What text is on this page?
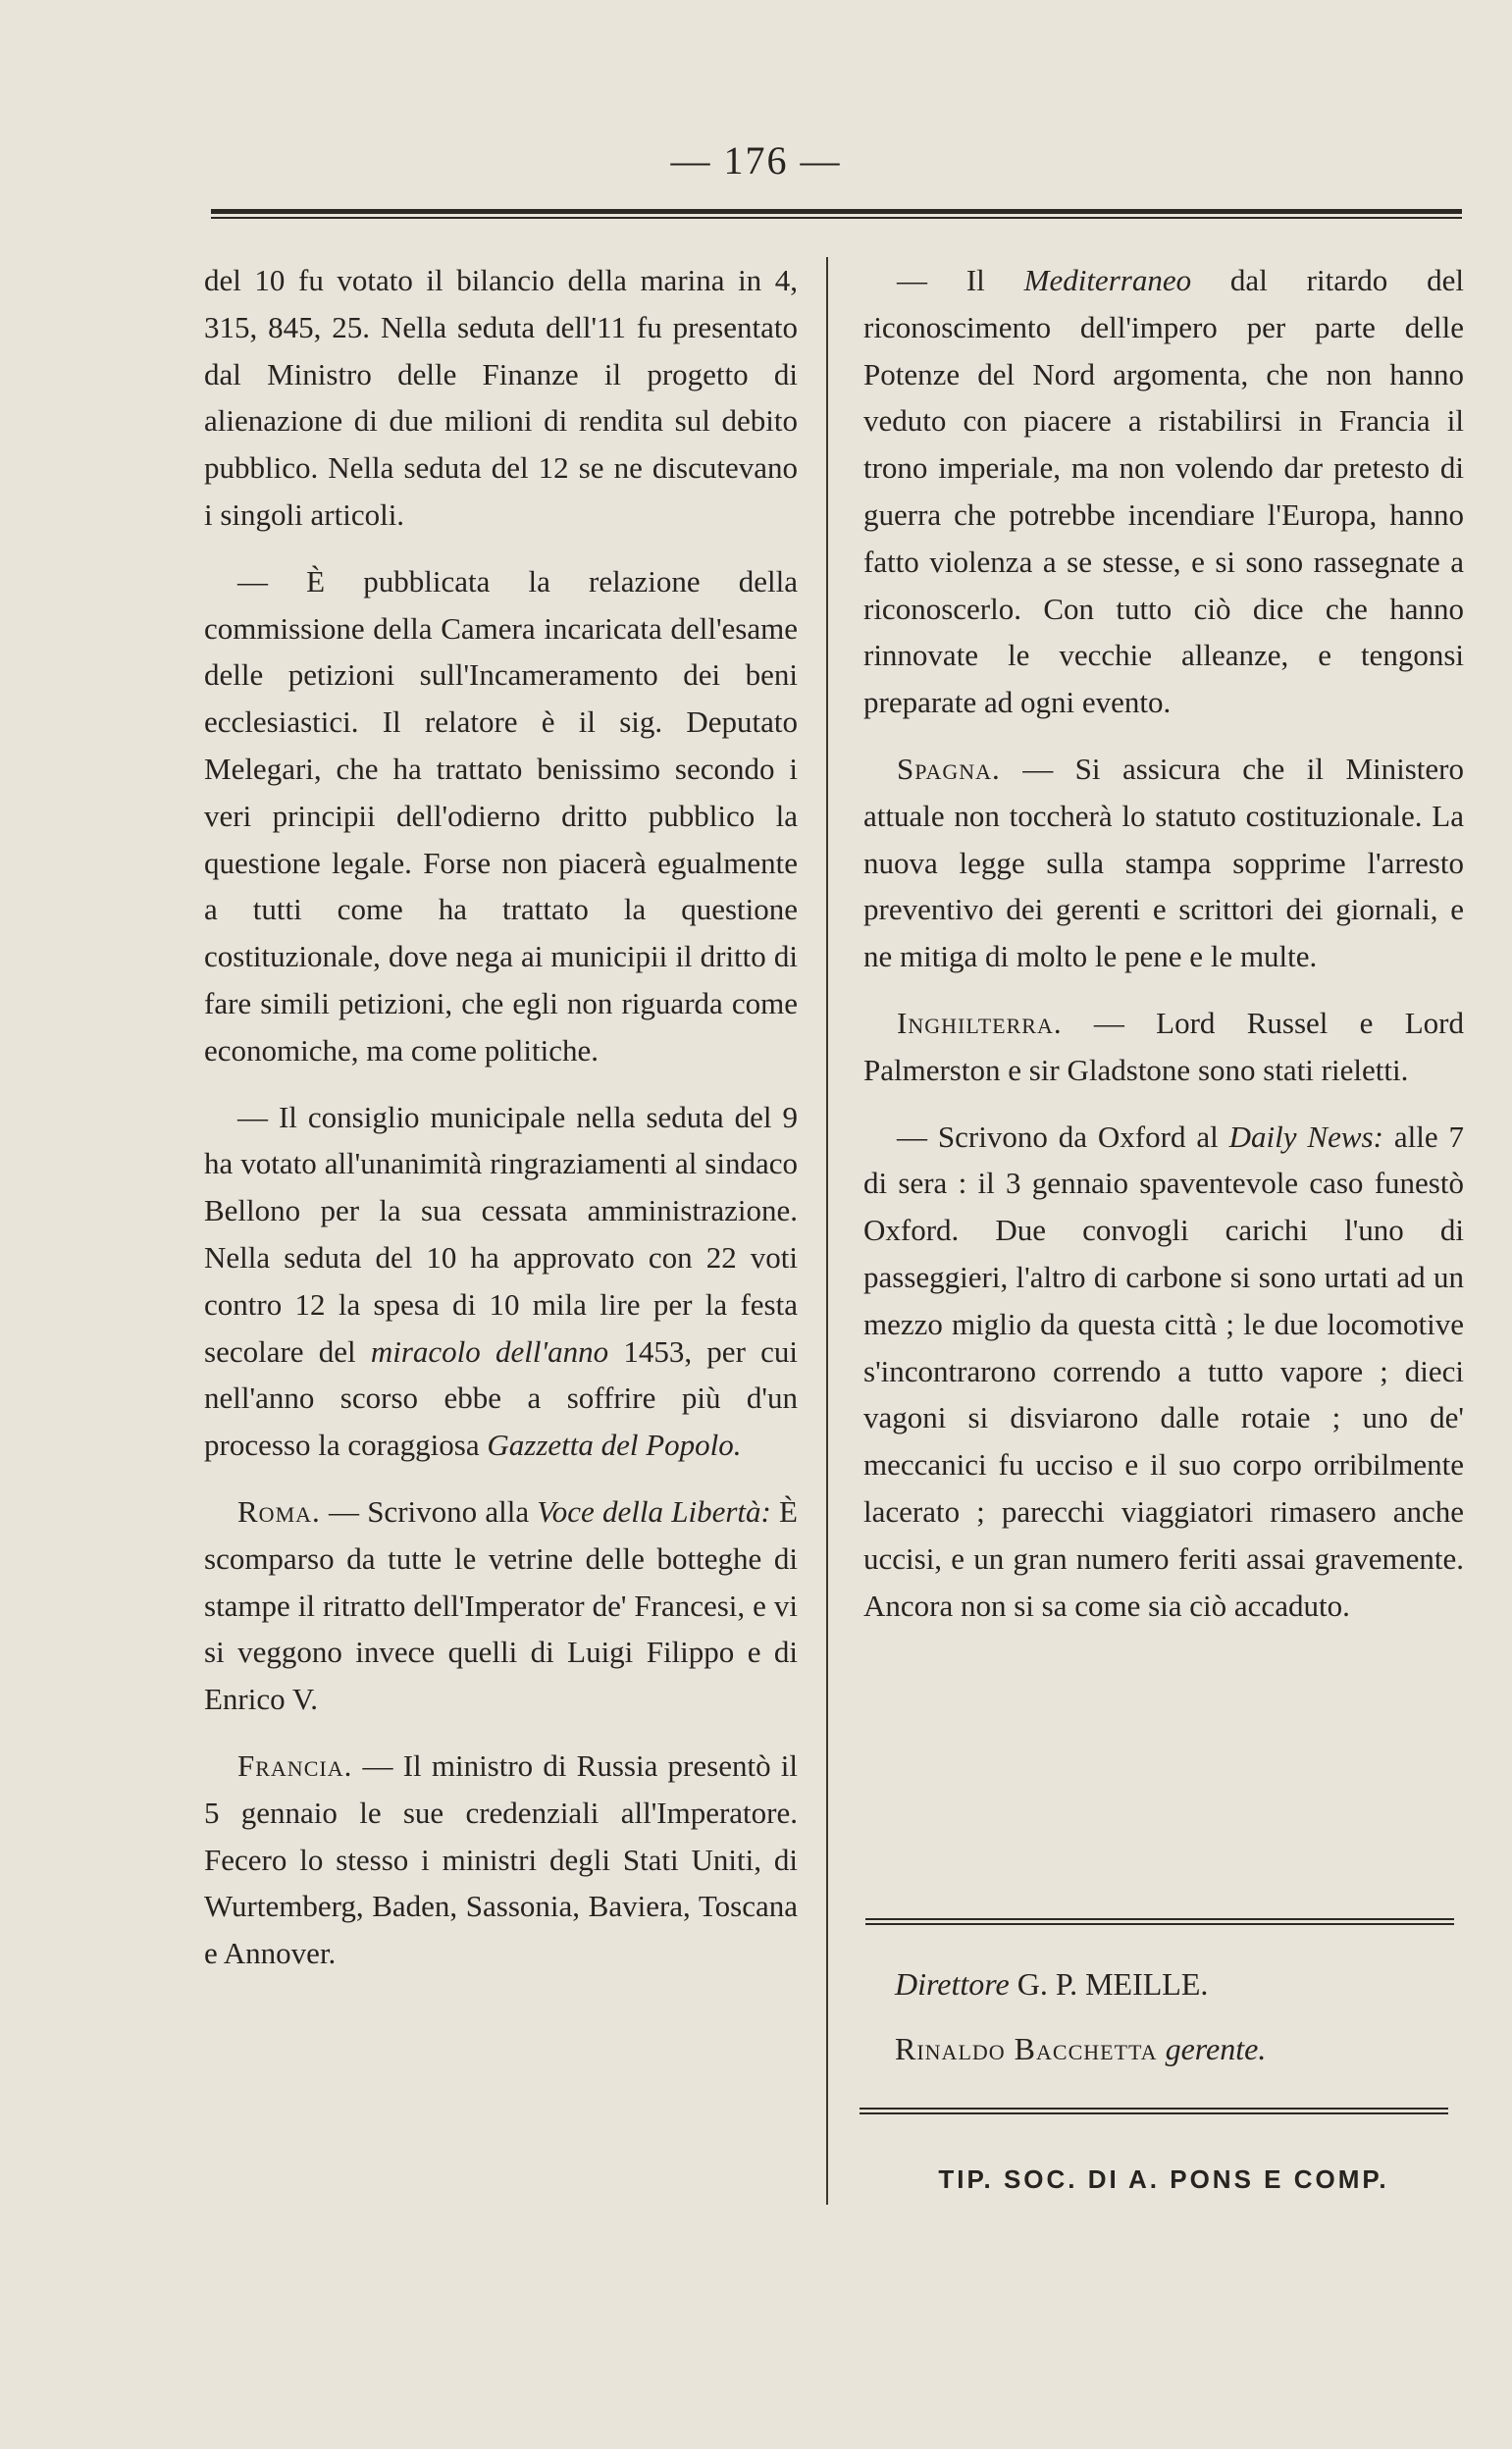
— 176 —

del 10 fu votato il bilancio della marina in 4, 315, 845, 25. Nella seduta dell'11 fu presentato dal Ministro delle Finanze il progetto di alienazione di due milioni di rendita sul debito pubblico. Nella seduta del 12 se ne discutevano i singoli articoli.

— È pubblicata la relazione della commissione della Camera incaricata dell'esame delle petizioni sull'Incameramento dei beni ecclesiastici. Il relatore è il sig. Deputato Melegari, che ha trattato benissimo secondo i veri principii dell'odierno dritto pubblico la questione legale. Forse non piacerà egualmente a tutti come ha trattato la questione costituzionale, dove nega ai municipii il dritto di fare simili petizioni, che egli non riguarda come economiche, ma come politiche.

— Il consiglio municipale nella seduta del 9 ha votato all'unanimità ringraziamenti al sindaco Bellono per la sua cessata amministrazione. Nella seduta del 10 ha approvato con 22 voti contro 12 la spesa di 10 mila lire per la festa secolare del miracolo dell'anno 1453, per cui nell'anno scorso ebbe a soffrire più d'un processo la coraggiosa Gazzetta del Popolo.

Roma. — Scrivono alla Voce della Libertà: È scomparso da tutte le vetrine delle botteghe di stampe il ritratto dell'Imperator de' Francesi, e vi si veggono invece quelli di Luigi Filippo e di Enrico V.

Francia. — Il ministro di Russia presentò il 5 gennaio le sue credenziali all'Imperatore. Fecero lo stesso i ministri degli Stati Uniti, di Wurtemberg, Baden, Sassonia, Baviera, Toscana e Annover.

— Il Mediterraneo dal ritardo del riconoscimento dell'impero per parte delle Potenze del Nord argomenta, che non hanno veduto con piacere a ristabilirsi in Francia il trono imperiale, ma non volendo dar pretesto di guerra che potrebbe incendiare l'Europa, hanno fatto violenza a se stesse, e si sono rassegnate a riconoscerlo. Con tutto ciò dice che hanno rinnovate le vecchie alleanze, e tengonsi preparate ad ogni evento.

Spagna. — Si assicura che il Ministero attuale non toccherà lo statuto costituzionale. La nuova legge sulla stampa sopprime l'arresto preventivo dei gerenti e scrittori dei giornali, e ne mitiga di molto le pene e le multe.

Inghilterra. — Lord Russel e Lord Palmerston e sir Gladstone sono stati rieletti.

— Scrivono da Oxford al Daily News: alle 7 di sera : il 3 gennaio spaventevole caso funestò Oxford. Due convogli carichi l'uno di passeggieri, l'altro di carbone si sono urtati ad un mezzo miglio da questa città ; le due locomotive s'incontrarono correndo a tutto vapore ; dieci vagoni si disviarono dalle rotaie ; uno de' meccanici fu ucciso e il suo corpo orribilmente lacerato ; parecchi viaggiatori rimasero anche uccisi, e un gran numero feriti assai gravemente. Ancora non si sa come sia ciò accaduto.

Direttore G. P. MEILLE.
Rinaldo Bacchetta gerente.
TIP. SOC. DI A. PONS E COMP.
